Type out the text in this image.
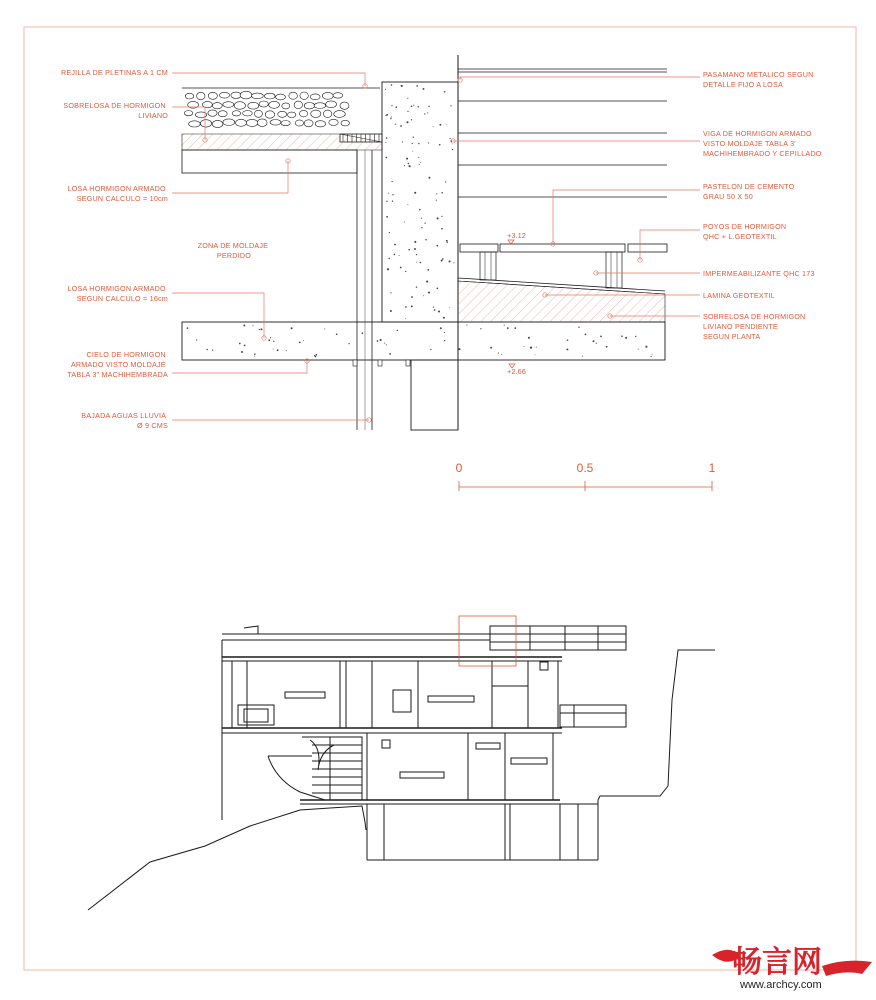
+3.12
+2.66
REJILLA DE PLETINAS A 1 CM
SOBRELOSA DE HORMIGON LIVIANO
LOSA HORMIGON ARMADO SEGUN CALCULO = 10cm
ZONA DE MOLDAJE PERDIDO
LOSA HORMIGON ARMADO SEGUN CALCULO = 16cm
CIELO DE HORMIGON ARMADO VISTO MOLDAJE TABLA 3" MACHIHEMBRADA
BAJADA AGUAS LLUVIA Ø 9 CMS
PASAMANO METALICO SEGUN DETALLE FIJO A LOSA
VIGA DE HORMIGON ARMADO VISTO MOLDAJE TABLA 3' MACHIHEMBRADO Y CEPILLADO
PASTELON DE CEMENTO GRAU 50 X 50
POYOS DE HORMIGON QHC + L.GEOTEXTIL
IMPERMEABILIZANTE QHC 173
LAMINA GEOTEXTIL
SOBRELOSA DE HORMIGON LIVIANO PENDIENTE SEGUN PLANTA
0	0.5	1
畅言网
www.archcy.com
